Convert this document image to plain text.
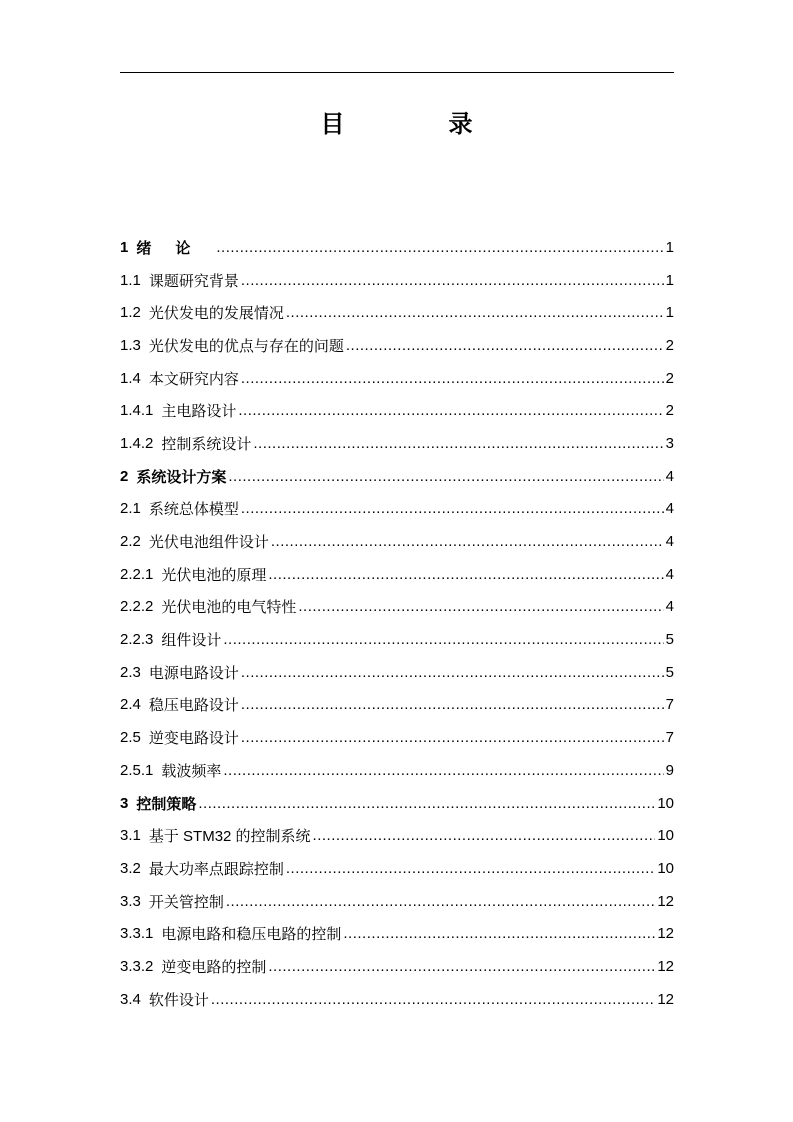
目　录
1 绪论 .....	1
1.1 课题研究背景 .....	1
1.2 光伏发电的发展情况 .....	1
1.3 光伏发电的优点与存在的问题 .....	2
1.4 本文研究内容 .....	2
1.4.1 主电路设计 .....	2
1.4.2 控制系统设计 .....	3
2 系统设计方案 .....	4
2.1 系统总体模型 .....	4
2.2 光伏电池组件设计 .....	4
2.2.1 光伏电池的原理 .....	4
2.2.2 光伏电池的电气特性 .....	4
2.2.3 组件设计 .....	5
2.3 电源电路设计 .....	5
2.4 稳压电路设计 .....	7
2.5 逆变电路设计 .....	7
2.5.1 载波频率 .....	9
3 控制策略 .....	10
3.1 基于 STM32 的控制系统 .....	10
3.2 最大功率点跟踪控制 .....	10
3.3 开关管控制 .....	12
3.3.1 电源电路和稳压电路的控制 .....	12
3.3.2 逆变电路的控制 .....	12
3.4 软件设计 .....	12
